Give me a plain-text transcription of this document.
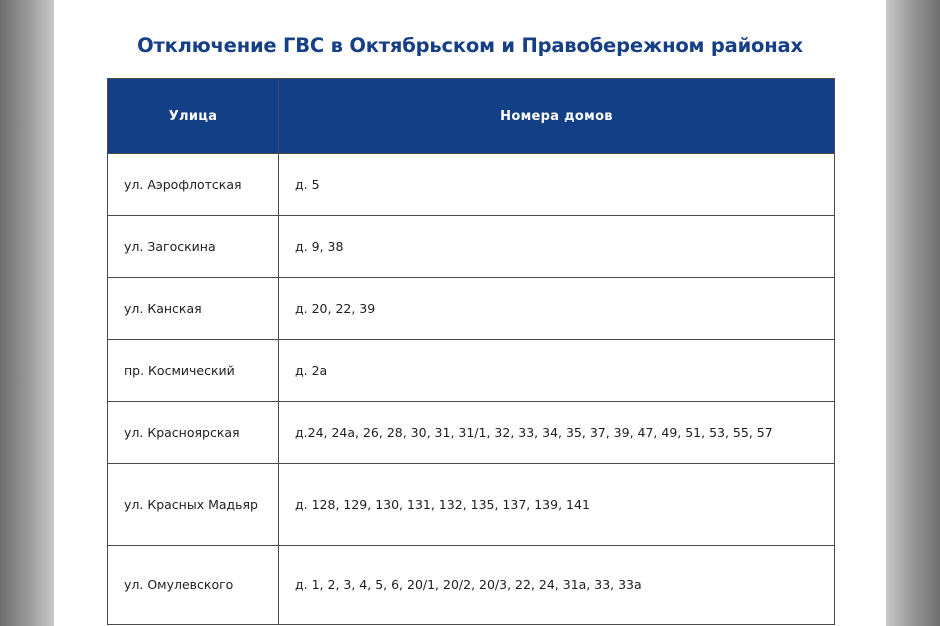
Отключение ГВС в Октябрьском и Правобережном районах
Улица	Номера домов
ул. Аэрофлотская	д. 5
ул. Загоскина	д. 9, 38
ул. Канская	д. 20, 22, 39
пр. Космический	д. 2а
ул. Красноярская	д.24, 24а, 26, 28, 30, 31, 31/1, 32, 33, 34, 35, 37, 39, 47, 49, 51, 53, 55, 57
ул. Красных Мадьяр	д. 128, 129, 130, 131, 132, 135, 137, 139, 141
ул. Омулевского	д. 1, 2, 3, 4, 5, 6, 20/1, 20/2, 20/3, 22, 24, 31а, 33, 33а
